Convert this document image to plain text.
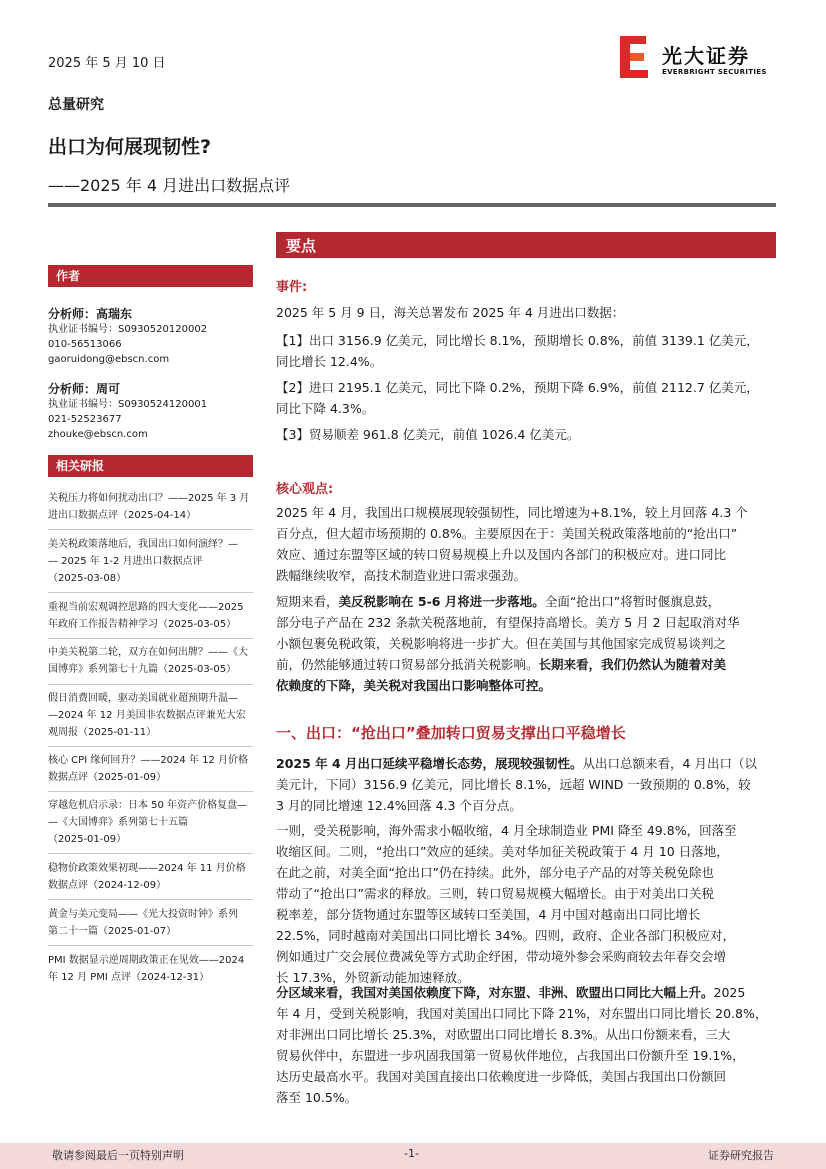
2025 年 5 月 10 日	光大证券
EVERBRIGHT SECURITIES
总量研究
出口为何展现韧性?
——2025 年 4 月进出口数据点评
作者
分析师：高瑞东
执业证书编号：S0930520120002
010-56513066
gaoruidong@ebscn.com
分析师：周可
执业证书编号：S0930524120001
021-52523677
zhouke@ebscn.com
相关研报
关税压力将如何扰动出口？——2025 年 3 月
进出口数据点评（2025-04-14）
美关税政策落地后，我国出口如何演绎？—
— 2025 年 1-2 月进出口数据点评
（2025-03-08）
重视当前宏观调控思路的四大变化——2025
年政府工作报告精神学习（2025-03-05）
中美关税第二轮，双方在如何出牌？——《大
国博弈》系列第七十九篇（2025-03-05）
假日消费回暖，驱动美国就业超预期升温—
—2024 年 12 月美国非农数据点评兼光大宏
观周报（2025-01-11）
核心 CPI 缘何回升？——2024 年 12 月价格
数据点评（2025-01-09）
穿越危机启示录：日本 50 年资产价格复盘—
—《大国博弈》系列第七十五篇
（2025-01-09）
稳物价政策效果初现——2024 年 11 月价格
数据点评（2024-12-09）
黄金与美元变局——《光大投资时钟》系列
第二十一篇（2025-01-07）
PMI 数据显示逆周期政策正在见效——2024
年 12 月 PMI 点评（2024-12-31）
要点
事件:
2025 年 5 月 9 日，海关总署发布 2025 年 4 月进出口数据：
【1】出口 3156.9 亿美元，同比增长 8.1%，预期增长 0.8%，前值 3139.1 亿美元，
同比增长 12.4%。
【2】进口 2195.1 亿美元，同比下降 0.2%，预期下降 6.9%，前值 2112.7 亿美元，
同比下降 4.3%。
【3】贸易顺差 961.8 亿美元，前值 1026.4 亿美元。
核心观点:
2025 年 4 月，我国出口规模展现较强韧性，同比增速为+8.1%，较上月回落 4.3 个
百分点，但大超市场预期的 0.8%。主要原因在于：美国关税政策落地前的“抢出口”
效应、通过东盟等区域的转口贸易规模上升以及国内各部门的积极应对。进口同比
跌幅继续收窄，高技术制造业进口需求强劲。
短期来看，美反税影响在 5-6 月将进一步落地。全面“抢出口”将暂时偃旗息鼓，
部分电子产品在 232 条款关税落地前，有望保持高增长。美方 5 月 2 日起取消对华
小额包裹免税政策，关税影响将进一步扩大。但在美国与其他国家完成贸易谈判之
前，仍然能够通过转口贸易部分抵消关税影响。长期来看，我们仍然认为随着对美
依赖度的下降，美关税对我国出口影响整体可控。
一、出口：“抢出口”叠加转口贸易支撑出口平稳增长
2025 年 4 月出口延续平稳增长态势，展现较强韧性。从出口总额来看，4 月出口（以
美元计，下同）3156.9 亿美元，同比增长 8.1%，远超 WIND 一致预期的 0.8%，较
3 月的同比增速 12.4%回落 4.3 个百分点。
一则，受关税影响，海外需求小幅收缩，4 月全球制造业 PMI 降至 49.8%，回落至
收缩区间。二则，“抢出口”效应的延续。美对华加征关税政策于 4 月 10 日落地，
在此之前，对美全面“抢出口”仍在持续。此外，部分电子产品的对等关税免除也
带动了“抢出口”需求的释放。三则，转口贸易规模大幅增长。由于对美出口关税
税率差，部分货物通过东盟等区域转口至美国，4 月中国对越南出口同比增长
22.5%，同时越南对美国出口同比增长 34%。四则，政府、企业各部门积极应对，
例如通过广交会展位费减免等方式助企纾困，带动境外参会采购商较去年春交会增
长 17.3%，外贸新动能加速释放。
分区域来看，我国对美国依赖度下降，对东盟、非洲、欧盟出口同比大幅上升。2025
年 4 月，受到关税影响，我国对美国出口同比下降 21%，对东盟出口同比增长 20.8%，
对非洲出口同比增长 25.3%，对欧盟出口同比增长 8.3%。从出口份额来看，三大
贸易伙伴中，东盟进一步巩固我国第一贸易伙伴地位，占我国出口份额升至 19.1%，
达历史最高水平。我国对美国直接出口依赖度进一步降低，美国占我国出口份额回
落至 10.5%。
敬请参阅最后一页特别声明	-1-	证券研究报告
